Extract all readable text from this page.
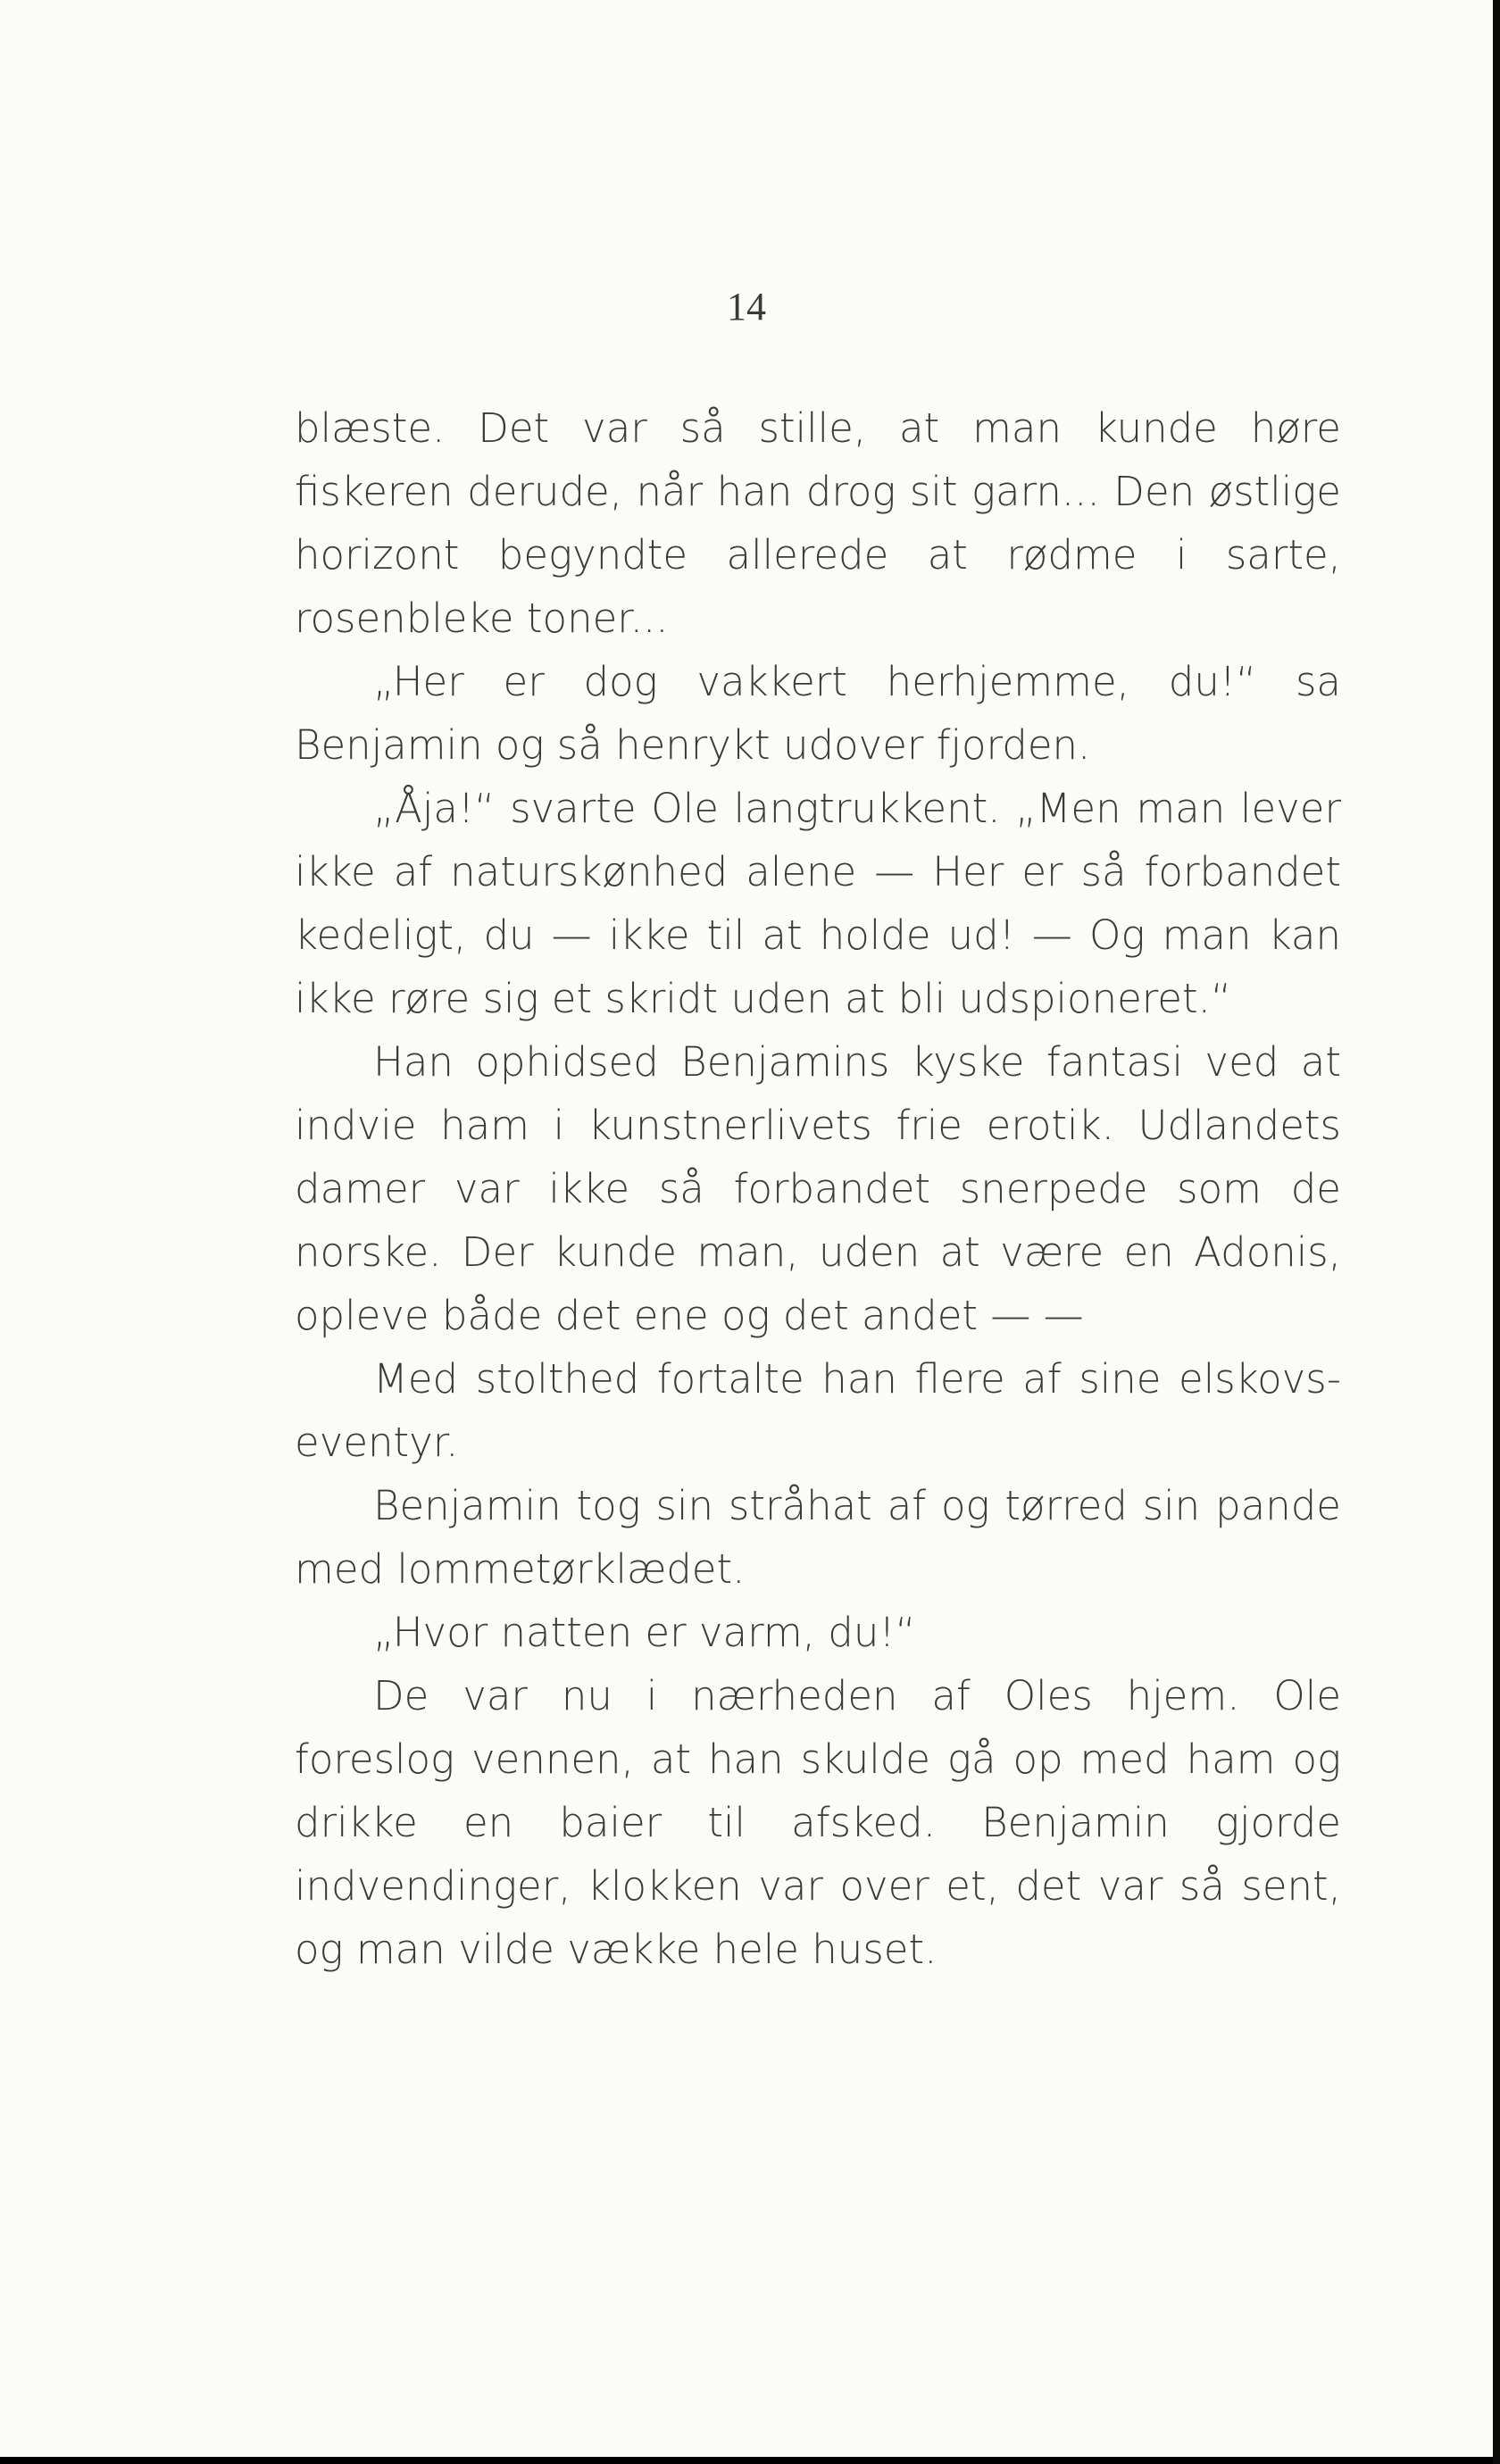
14

blæste. Det var så stille, at man kunde høre fiskeren derude, når han drog sit garn... Den østlige horizont begyndte allerede at rødme i sarte, rosenbleke toner...

„Her er dog vakkert herhjemme, du!“ sa Benjamin og så henrykt udover fjorden.

„Åja!“ svarte Ole langtrukkent. „Men man lever ikke af naturskønhed alene — Her er så forbandet kedeligt, du — ikke til at holde ud! — Og man kan ikke røre sig et skridt uden at bli udspioneret.“

Han ophidsed Benjamins kyske fantasi ved at indvie ham i kunstnerlivets frie erotik. Udlandets damer var ikke så forbandet snerpede som de norske. Der kunde man, uden at være en Adonis, opleve både det ene og det andet — —

Med stolthed fortalte han flere af sine elskovseventyr.

Benjamin tog sin stråhat af og tørred sin pande med lommetørklædet.

„Hvor natten er varm, du!“

De var nu i nærheden af Oles hjem. Ole foreslog vennen, at han skulde gå op med ham og drikke en baier til afsked. Benjamin gjorde indvendinger, klokken var over et, det var så sent, og man vilde vække hele huset.
